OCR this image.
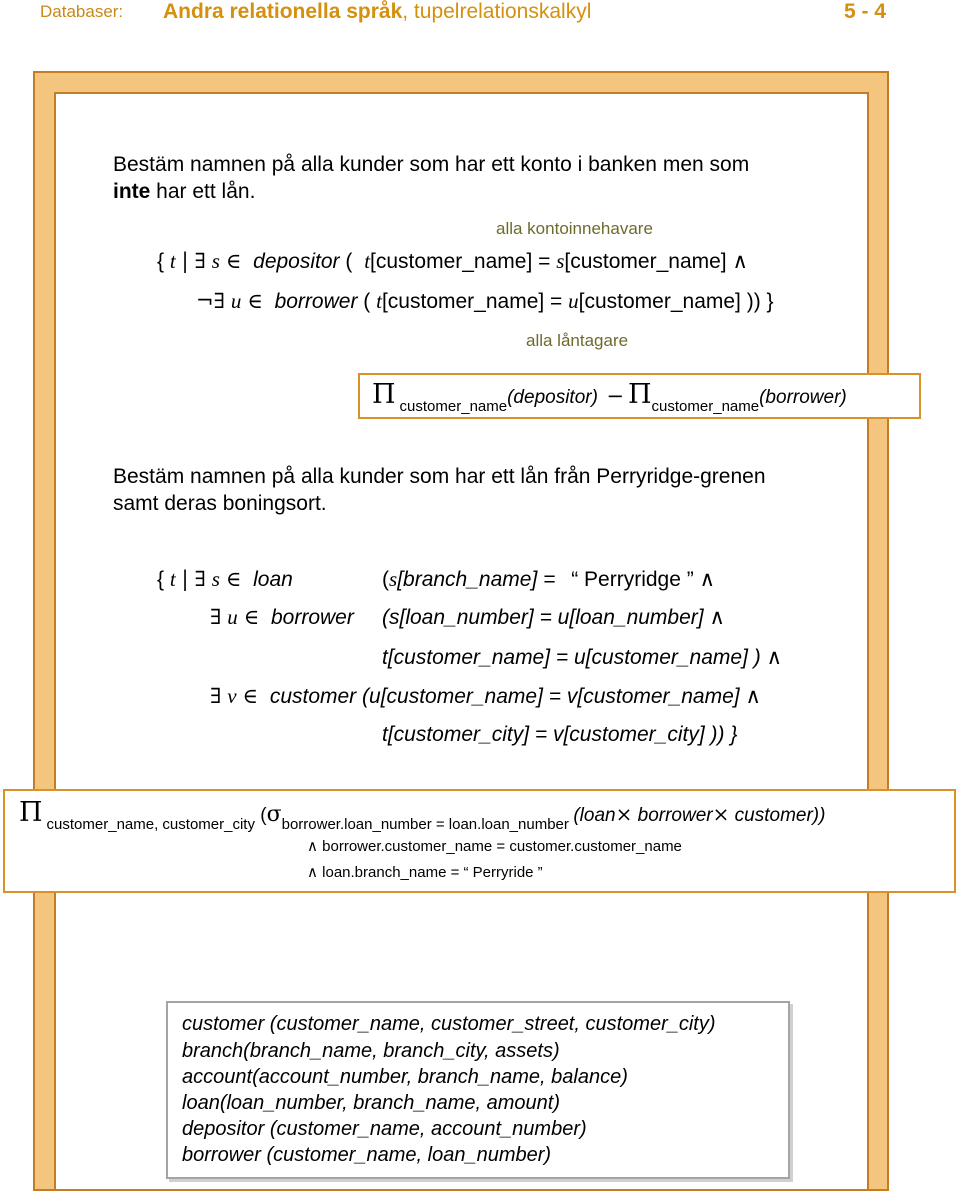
Databaser: Andra relationella språk, tupelrelationskalkyl	5 - 4
Bestäm namnen på alla kunder som har ett konto i banken men som
inte har ett lån.
alla kontoinnehavare
{ t | ∃ s ∈ depositor ( t[customer_name] = s[customer_name] ∧
¬∃ u ∈ borrower ( t[customer_name] = u[customer_name] )) }
alla låntagare
Πcustomer_name(depositor) − Πcustomer_name(borrower)
Bestäm namnen på alla kunder som har ett lån från Perryridge-grenen
samt deras boningsort.
{ t | ∃ s ∈ loan	(s[branch_name] = “ Perryridge ” ∧
∃ u ∈ borrower (s[loan_number] = u[loan_number] ∧
t[customer_name] = u[customer_name] ) ∧
∃ v ∈ customer (u[customer_name] = v[customer_name] ∧
t[customer_city] = v[customer_city] )) }
Πcustomer_name, customer_city (σborrower.loan_number = loan.loan_number (loan× borrower× customer))
∧ borrower.customer_name = customer.customer_name
∧ loan.branch_name = “ Perryride ”
customer (customer_name, customer_street, customer_city)
branch(branch_name, branch_city, assets)
account(account_number, branch_name, balance)
loan(loan_number, branch_name, amount)
depositor (customer_name, account_number)
borrower (customer_name, loan_number)
